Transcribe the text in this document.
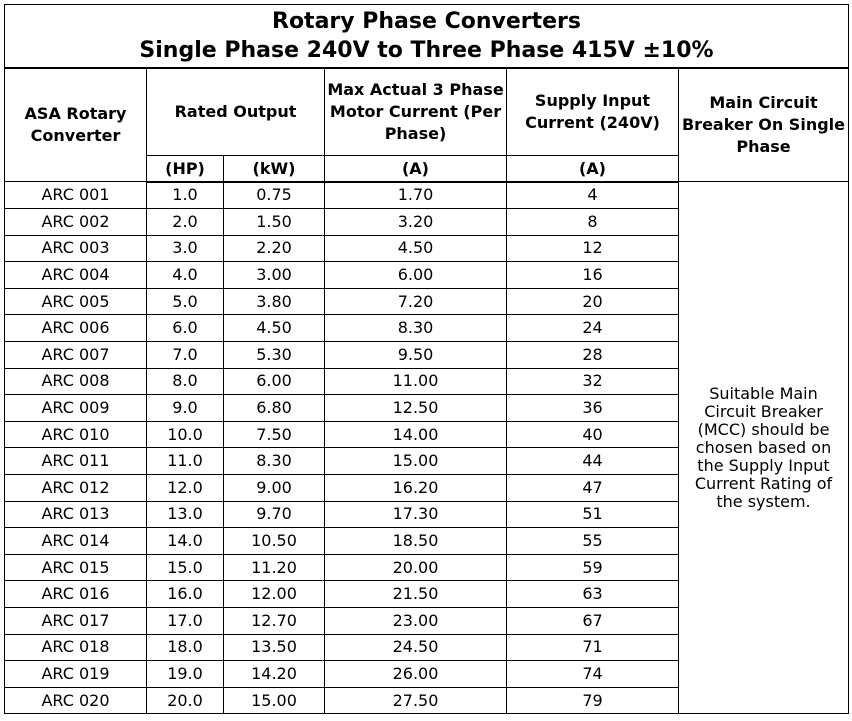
Rotary Phase Converters
Single Phase 240V to Three Phase 415V ±10%					

ASA Rotary Converter	Rated Output		Max Actual 3 Phase Motor Current (Per Phase)	Supply Input Current (240V)	Main Circuit Breaker On Single Phase
	(HP)	(kW)	(A)	(A)	
ARC 001	1.0	0.75	1.70	4	Suitable Main Circuit Breaker (MCC) should be chosen based on the Supply Input Current Rating of the system.
ARC 002	2.0	1.50	3.20	8	
ARC 003	3.0	2.20	4.50	12	
ARC 004	4.0	3.00	6.00	16	
ARC 005	5.0	3.80	7.20	20	
ARC 006	6.0	4.50	8.30	24	
ARC 007	7.0	5.30	9.50	28	
ARC 008	8.0	6.00	11.00	32	
ARC 009	9.0	6.80	12.50	36	
ARC 010	10.0	7.50	14.00	40	
ARC 011	11.0	8.30	15.00	44	
ARC 012	12.0	9.00	16.20	47	
ARC 013	13.0	9.70	17.30	51	
ARC 014	14.0	10.50	18.50	55	
ARC 015	15.0	11.20	20.00	59	
ARC 016	16.0	12.00	21.50	63	
ARC 017	17.0	12.70	23.00	67	
ARC 018	18.0	13.50	24.50	71	
ARC 019	19.0	14.20	26.00	74	
ARC 020	20.0	15.00	27.50	79	
